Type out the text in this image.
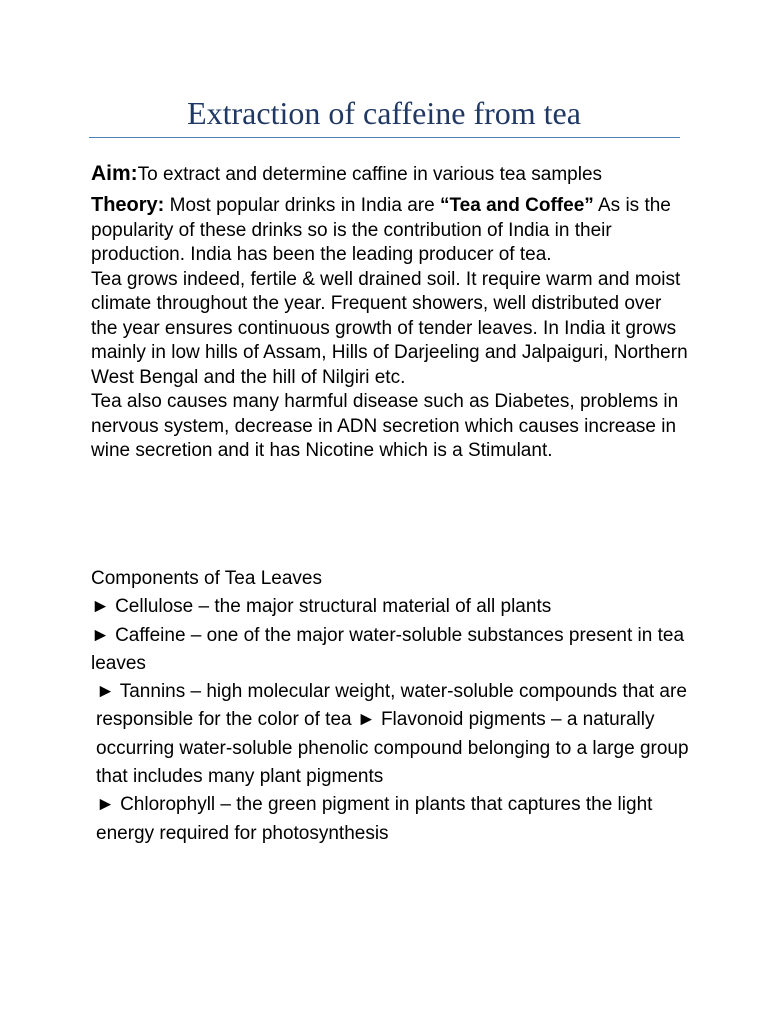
Extraction of caffeine from tea
Aim:To extract and determine caffine in various tea samples
Theory: Most popular drinks in India are “Tea and Coffee” As is the popularity of these drinks so is the contribution of India in their production. India has been the leading producer of tea.
Tea grows indeed, fertile & well drained soil. It require warm and moist climate throughout the year. Frequent showers, well distributed over the year ensures continuous growth of tender leaves. In India it grows mainly in low hills of Assam, Hills of Darjeeling and Jalpaiguri, Northern West Bengal and the hill of Nilgiri etc.
Tea also causes many harmful disease such as Diabetes, problems in nervous system, decrease in ADN secretion which causes increase in wine secretion and it has Nicotine which is a Stimulant.

Components of Tea Leaves

► Cellulose – the major structural material of all plants

► Caffeine – one of the major water-soluble substances present in tea leaves

► Tannins – high molecular weight, water-soluble compounds that are responsible for the color of tea ► Flavonoid pigments – a naturally occurring water-soluble phenolic compound belonging to a large group that includes many plant pigments

► Chlorophyll – the green pigment in plants that captures the light energy required for photosynthesis
